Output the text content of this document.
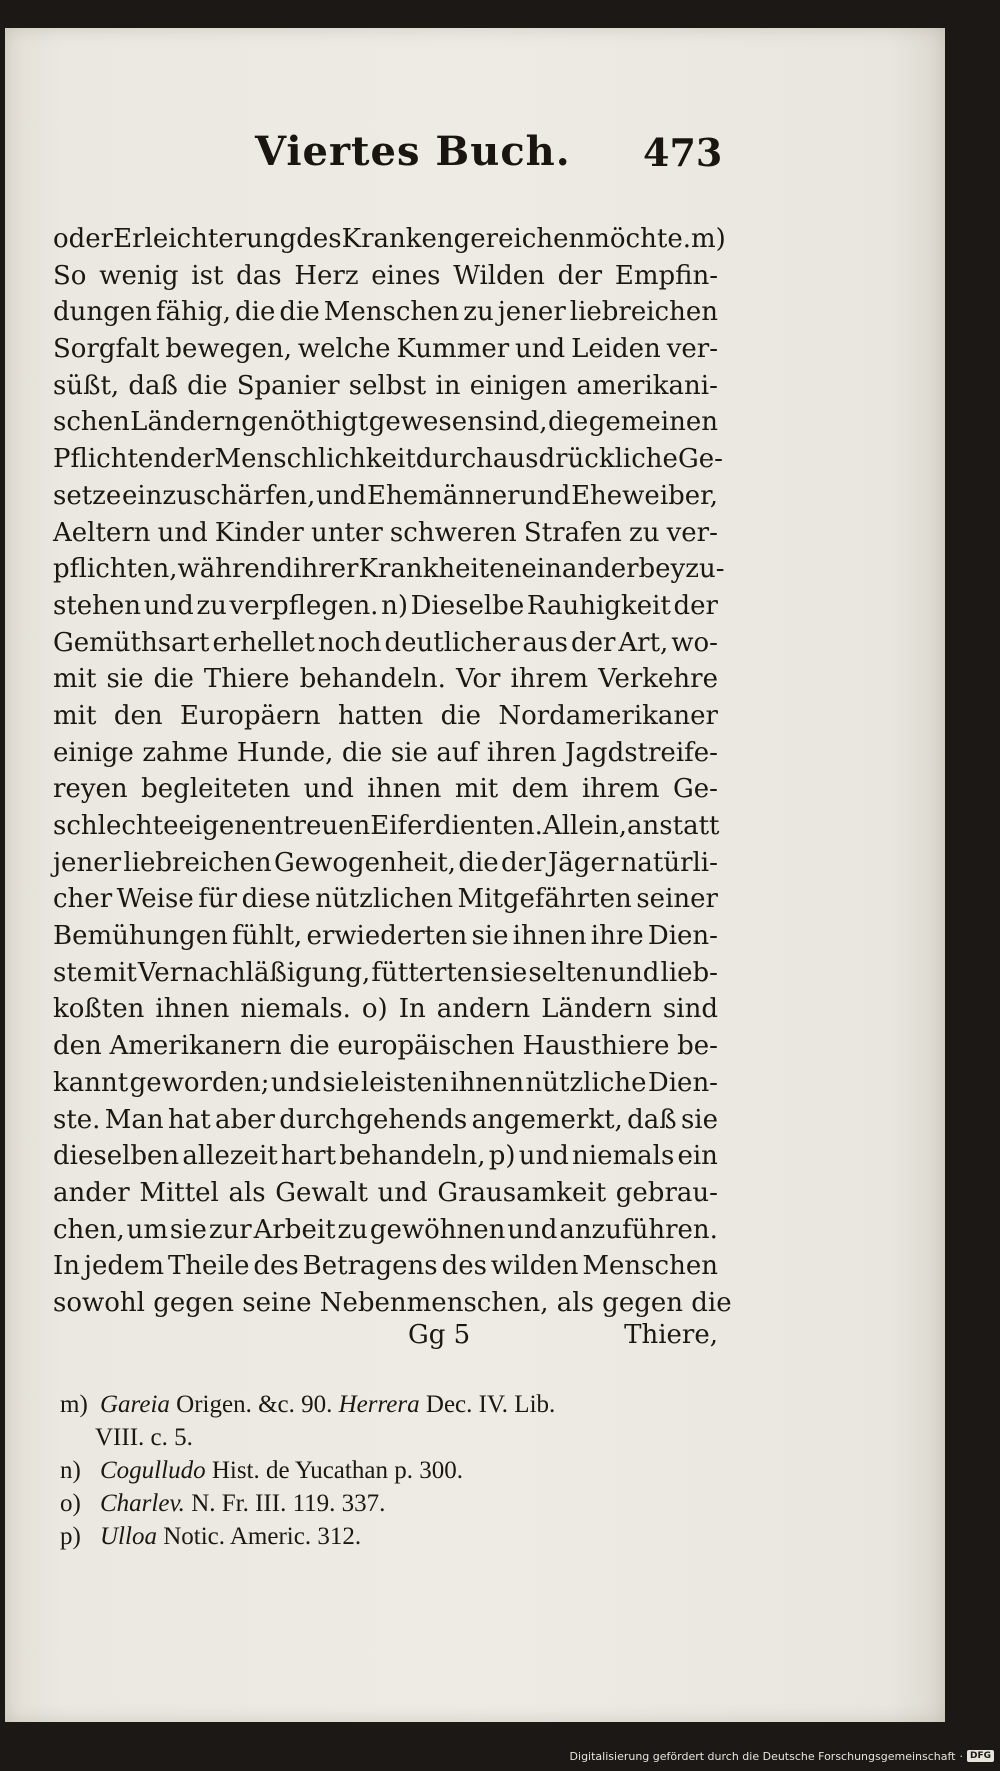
Viertes Buch. 473
oder Erleichterung des Kranken gereichen möchte. m)
So wenig ist das Herz eines Wilden der Empfin-
dungen fähig, die die Menschen zu jener liebreichen
Sorgfalt bewegen, welche Kummer und Leiden ver-
süßt, daß die Spanier selbst in einigen amerikani-
schen Ländern genöthigt gewesen sind, die gemeinen
Pflichten der Menschlichkeit durch ausdrückliche Ge-
setze einzuschärfen, und Ehemänner und Eheweiber,
Aeltern und Kinder unter schweren Strafen zu ver-
pflichten, während ihrer Krankheiten einander beyzu-
stehen und zu verpflegen. n) Dieselbe Rauhigkeit der
Gemüthsart erhellet noch deutlicher aus der Art, wo-
mit sie die Thiere behandeln. Vor ihrem Verkehre
mit den Europäern hatten die Nordamerikaner
einige zahme Hunde, die sie auf ihren Jagdstreife-
reyen begleiteten und ihnen mit dem ihrem Ge-
schlechte eigenen treuen Eifer dienten. Allein, anstatt
jener liebreichen Gewogenheit, die der Jäger natürli-
cher Weise für diese nützlichen Mitgefährten seiner
Bemühungen fühlt, erwiederten sie ihnen ihre Dien-
ste mit Vernachläßigung, fütterten sie selten und lieb-
koßten ihnen niemals. o) In andern Ländern sind
den Amerikanern die europäischen Hausthiere be-
kannt geworden; und sie leisten ihnen nützliche Dien-
ste. Man hat aber durchgehends angemerkt, daß sie
dieselben allezeit hart behandeln, p) und niemals ein
ander Mittel als Gewalt und Grausamkeit gebrau-
chen, um sie zur Arbeit zu gewöhnen und anzuführen.
In jedem Theile des Betragens des wilden Menschen
sowohl gegen seine Nebenmenschen, als gegen die
Gg 5	Thiere,
m) Gareia Origen. &c. 90. Herrera Dec. IV. Lib.
VIII. c. 5.
n) Cogulludo Hist. de Yucathan p. 300.
o) Charlev. N. Fr. III. 119. 337.
p) Ulloa Notic. Americ. 312.
Digitalisierung gefördert durch die Deutsche Forschungsgemeinschaft · DFG
